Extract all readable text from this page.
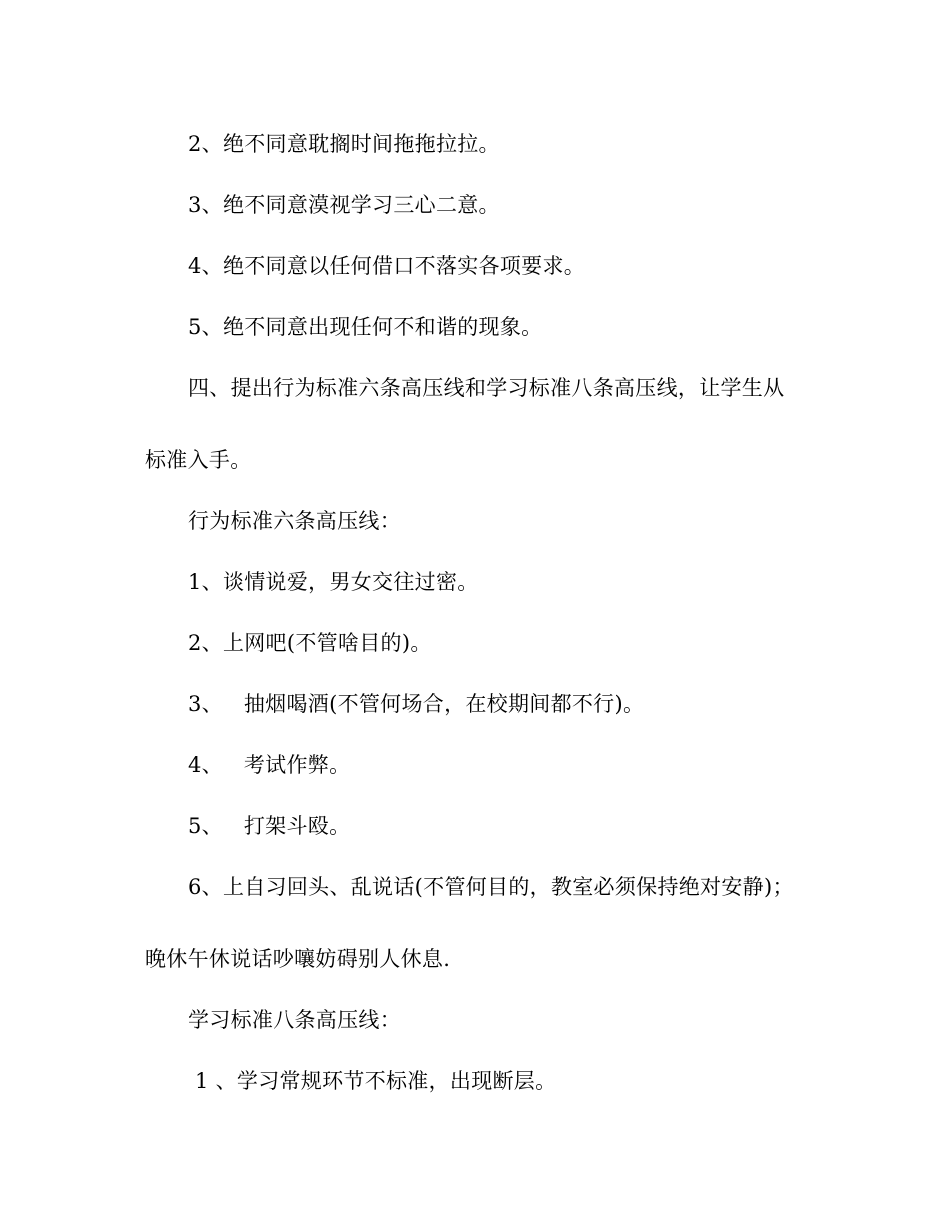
2、绝不同意耽搁时间拖拖拉拉。
3、绝不同意漠视学习三心二意。
4、绝不同意以任何借口不落实各项要求。
5、绝不同意出现任何不和谐的现象。
四、提出行为标准六条高压线和学习标准八条高压线，让学生从
标准入手。
行为标准六条高压线：
1、谈情说爱，男女交往过密。
2、上网吧(不管啥目的)。
3、   抽烟喝酒(不管何场合，在校期间都不行)。
4、   考试作弊。
5、   打架斗殴。
6、上自习回头、乱说话(不管何目的，教室必须保持绝对安静)；
晚休午休说话吵嚷妨碍别人休息.
学习标准八条高压线：
1 、学习常规环节不标准，出现断层。
